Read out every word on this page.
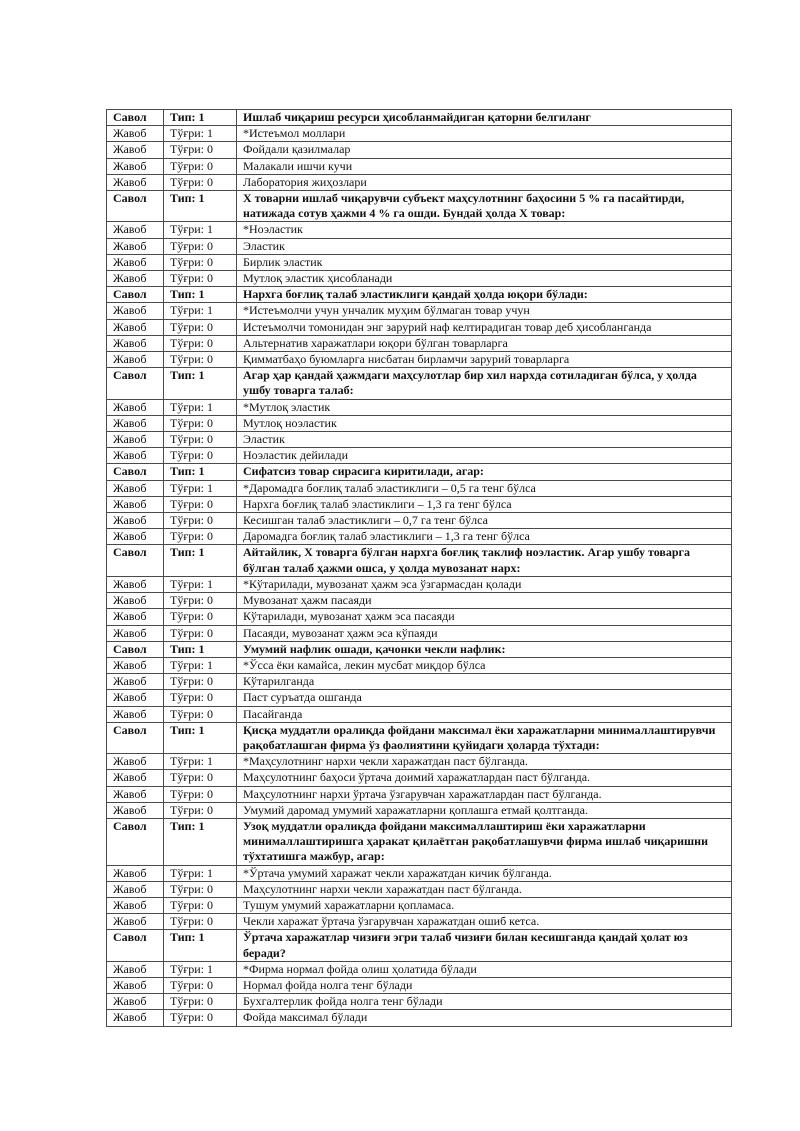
Савол	Тип: 1	Ишлаб чиқариш ресурси ҳисобланмайдиган қаторни белгиланг
Жавоб	Тўғри: 1	*Истеъмол моллари
Жавоб	Тўғри: 0	Фойдали қазилмалар
Жавоб	Тўғри: 0	Малакали ишчи кучи
Жавоб	Тўғри: 0	Лаборатория жиҳозлари
Савол	Тип: 1	X товарни ишлаб чиқарувчи субъект маҳсулотнинг баҳосини 5 % га пасайтирди, натижада сотув ҳажми 4 % га ошди. Бундай ҳолда X товар:
Жавоб	Тўғри: 1	*Ноэластик
Жавоб	Тўғри: 0	Эластик
Жавоб	Тўғри: 0	Бирлик эластик
Жавоб	Тўғри: 0	Мутлоқ эластик ҳисобланади
Савол	Тип: 1	Нархга боғлиқ талаб эластиклиги қандай ҳолда юқори бўлади:
Жавоб	Тўғри: 1	*Истеъмолчи учун унчалик муҳим бўлмаган товар учун
Жавоб	Тўғри: 0	Истеъмолчи томонидан энг зарурий наф келтирадиган товар деб ҳисобланганда
Жавоб	Тўғри: 0	Альтернатив харажатлари юқори бўлган товарларга
Жавоб	Тўғри: 0	Қимматбаҳо буюмларга нисбатан бирламчи зарурий товарларга
Савол	Тип: 1	Агар ҳар қандай ҳажмдаги маҳсулотлар бир хил нархда сотиладиган бўлса, у ҳолда ушбу товарга талаб:
Жавоб	Тўғри: 1	*Мутлоқ эластик
Жавоб	Тўғри: 0	Мутлоқ ноэластик
Жавоб	Тўғри: 0	Эластик
Жавоб	Тўғри: 0	Ноэластик дейилади
Савол	Тип: 1	Сифатсиз товар сирасига киритилади, агар:
Жавоб	Тўғри: 1	*Даромадга боғлиқ талаб эластиклиги – 0,5 га тенг бўлса
Жавоб	Тўғри: 0	Нархга боғлиқ талаб эластиклиги – 1,3 га тенг бўлса
Жавоб	Тўғри: 0	Кесишган талаб эластиклиги – 0,7 га тенг бўлса
Жавоб	Тўғри: 0	Даромадга боғлиқ талаб эластиклиги – 1,3 га тенг бўлса
Савол	Тип: 1	Айтайлик, X товарга бўлган нархга боғлиқ таклиф ноэластик. Агар ушбу товарга бўлган талаб ҳажми ошса, у ҳолда мувозанат нарх:
Жавоб	Тўғри: 1	*Кўтарилади, мувозанат ҳажм эса ўзгармасдан қолади
Жавоб	Тўғри: 0	Мувозанат ҳажм пасаяди
Жавоб	Тўғри: 0	Кўтарилади, мувозанат ҳажм эса пасаяди
Жавоб	Тўғри: 0	Пасаяди, мувозанат ҳажм эса кўпаяди
Савол	Тип: 1	Умумий нафлик ошади, қачонки чекли нафлик:
Жавоб	Тўғри: 1	*Ўсса ёки камайса, лекин мусбат миқдор бўлса
Жавоб	Тўғри: 0	Кўтарилганда
Жавоб	Тўғри: 0	Паст суръатда ошганда
Жавоб	Тўғри: 0	Пасайганда
Савол	Тип: 1	Қисқа муддатли оралиқда фойдани максимал ёки харажатларни минималлаштирувчи рақобатлашган фирма ўз фаолиятини қуйидаги ҳоларда тўхтади:
Жавоб	Тўғри: 1	*Маҳсулотнинг нархи чекли харажатдан паст бўлганда.
Жавоб	Тўғри: 0	Маҳсулотнинг баҳоси ўртача доимий харажатлардан паст бўлганда.
Жавоб	Тўғри: 0	Маҳсулотнинг нархи ўртача ўзгарувчан харажатлардан паст бўлганда.
Жавоб	Тўғри: 0	Умумий даромад умумий харажатларни қоплашга етмай қолтганда.
Савол	Тип: 1	Узоқ муддатли оралиқда фойдани максималлаштириш ёки харажатларни минималлаштиришга ҳаракат қилаётган рақобатлашувчи фирма ишлаб чиқаришни тўхтатишга мажбур, агар:
Жавоб	Тўғри: 1	*Ўртача умумий харажат чекли харажатдан кичик бўлганда.
Жавоб	Тўғри: 0	Маҳсулотнинг нархи чекли харажатдан паст бўлганда.
Жавоб	Тўғри: 0	Тушум умумий харажатларни қопламаса.
Жавоб	Тўғри: 0	Чекли харажат ўртача ўзгарувчан харажатдан ошиб кетса.
Савол	Тип: 1	Ўртача харажатлар чизиғи эгри талаб чизиғи билан кесишганда қандай ҳолат юз беради?
Жавоб	Тўғри: 1	*Фирма нормал фойда олиш ҳолатида бўлади
Жавоб	Тўғри: 0	Нормал фойда нолга тенг бўлади
Жавоб	Тўғри: 0	Бухгалтерлик фойда нолга тенг бўлади
Жавоб	Тўғри: 0	Фойда максимал бўлади
